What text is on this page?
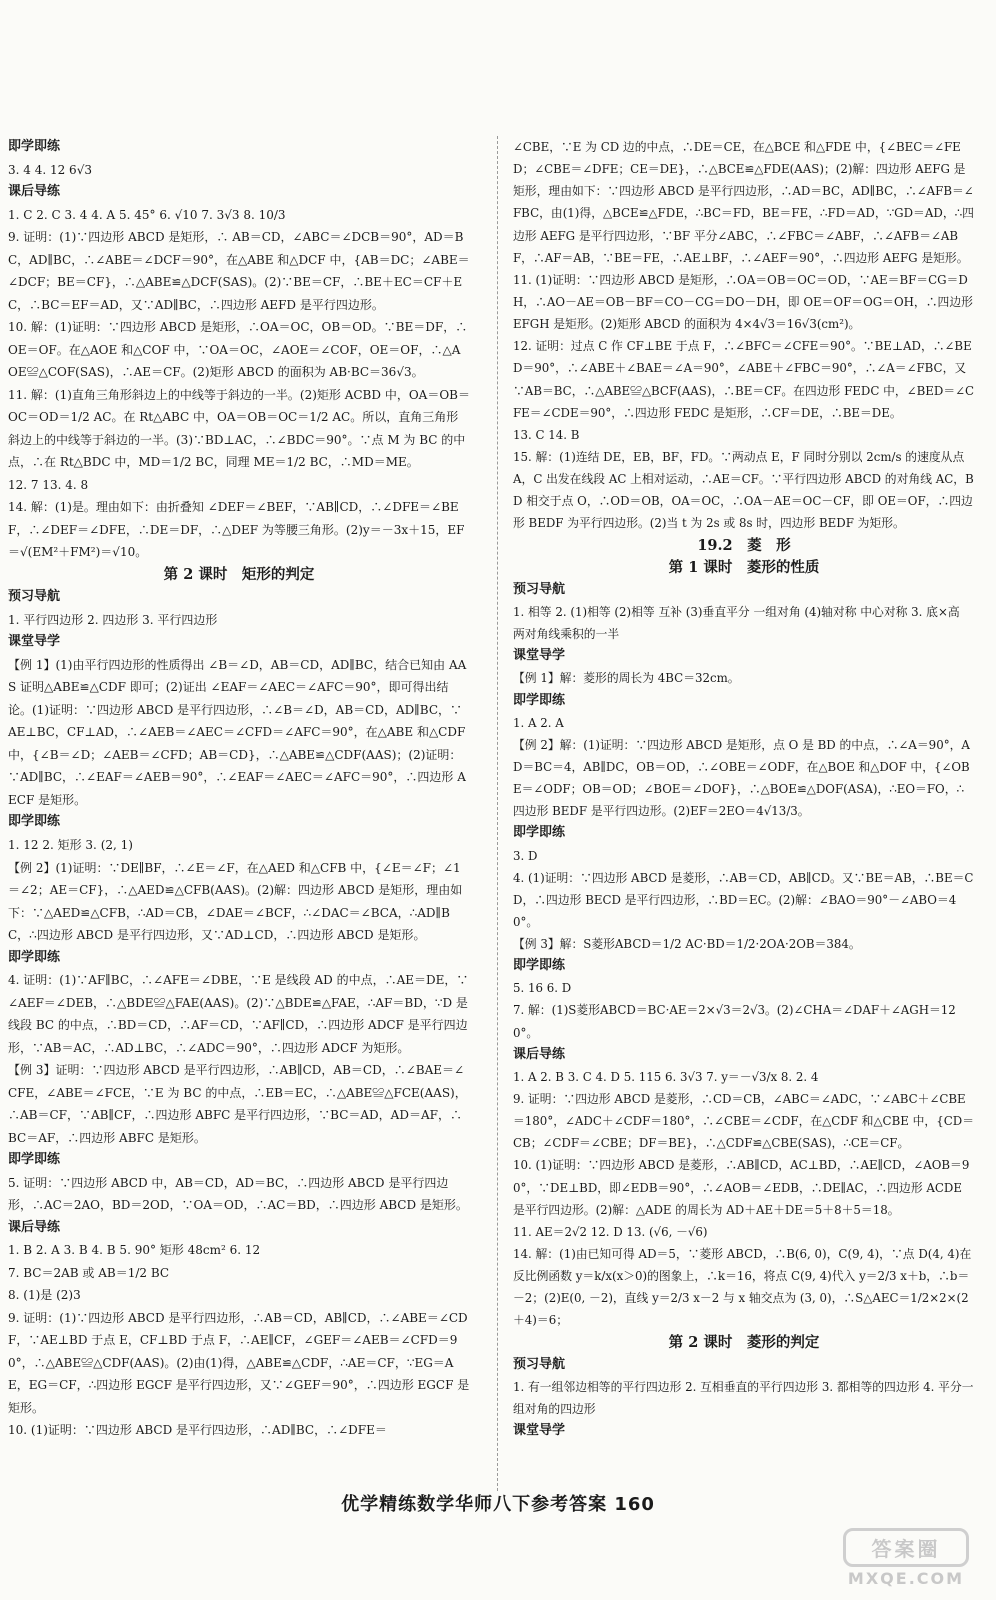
即学即练
3. 4 4. 12 6√3
课后导练
1. C 2. C 3. 4 4. A 5. 45° 6. √10 7. 3√3 8. 10/3
9. 证明：(1)∵四边形 ABCD 是矩形，∴ AB＝CD，∠ABC＝∠DCB＝90°，AD＝BC，AD∥BC，∴∠ABE＝∠DCF＝90°，在△ABE 和△DCF 中，{AB＝DC；∠ABE＝∠DCF；BE＝CF}，∴△ABE≌△DCF(SAS)。(2)∵BE＝CF，∴BE＋EC＝CF＋EC，∴BC＝EF＝AD，又∵AD∥BC，∴四边形 AEFD 是平行四边形。
10. 解：(1)证明：∵四边形 ABCD 是矩形，∴OA＝OC，OB＝OD。∵BE＝DF，∴OE＝OF。在△AOE 和△COF 中，∵OA＝OC，∠AOE＝∠COF，OE＝OF，∴△AOE≌△COF(SAS)，∴AE＝CF。(2)矩形 ABCD 的面积为 AB·BC＝36√3。
11. 解：(1)直角三角形斜边上的中线等于斜边的一半。(2)矩形 ACBD 中，OA＝OB＝OC＝OD＝1/2 AC。在 Rt△ABC 中，OA＝OB＝OC＝1/2 AC。所以，直角三角形斜边上的中线等于斜边的一半。(3)∵BD⊥AC，∴∠BDC＝90°。∵点 M 为 BC 的中点，∴在 Rt△BDC 中，MD＝1/2 BC，同理 ME＝1/2 BC，∴MD＝ME。
12. 7 13. 4. 8
14. 解：(1)是。理由如下：由折叠知 ∠DEF＝∠BEF，∵AB∥CD，∴∠DFE＝∠BEF，∴∠DEF＝∠DFE，∴DE＝DF，∴△DEF 为等腰三角形。(2)y＝－3x＋15，EF＝√(EM²＋FM²)＝√10。
第 2 课时　矩形的判定
预习导航
1. 平行四边形 2. 四边形 3. 平行四边形
课堂导学
【例 1】(1)由平行四边形的性质得出 ∠B＝∠D，AB＝CD，AD∥BC，结合已知由 AAS 证明△ABE≌△CDF 即可；(2)证出 ∠EAF＝∠AEC＝∠AFC＝90°，即可得出结论。(1)证明：∵四边形 ABCD 是平行四边形，∴∠B＝∠D，AB＝CD，AD∥BC，∵AE⊥BC，CF⊥AD，∴∠AEB＝∠AEC＝∠CFD＝∠AFC＝90°，在△ABE 和△CDF 中，{∠B＝∠D；∠AEB＝∠CFD；AB＝CD}，∴△ABE≌△CDF(AAS)；(2)证明：∵AD∥BC，∴∠EAF＝∠AEB＝90°，∴∠EAF＝∠AEC＝∠AFC＝90°，∴四边形 AECF 是矩形。
即学即练
1. 12 2. 矩形 3. (2, 1)
【例 2】(1)证明：∵DE∥BF，∴∠E＝∠F，在△AED 和△CFB 中，{∠E＝∠F；∠1＝∠2；AE＝CF}，∴△AED≌△CFB(AAS)。(2)解：四边形 ABCD 是矩形，理由如下：∵△AED≌△CFB，∴AD＝CB，∠DAE＝∠BCF，∴∠DAC＝∠BCA，∴AD∥BC，∴四边形 ABCD 是平行四边形，又∵AD⊥CD，∴四边形 ABCD 是矩形。
即学即练
4. 证明：(1)∵AF∥BC，∴∠AFE＝∠DBE，∵E 是线段 AD 的中点，∴AE＝DE，∵∠AEF＝∠DEB，∴△BDE≌△FAE(AAS)。(2)∵△BDE≌△FAE，∴AF＝BD，∵D 是线段 BC 的中点，∴BD＝CD，∴AF＝CD，∵AF∥CD，∴四边形 ADCF 是平行四边形，∵AB＝AC，∴AD⊥BC，∴∠ADC＝90°，∴四边形 ADCF 为矩形。
【例 3】证明：∵四边形 ABCD 是平行四边形，∴AB∥CD，AB＝CD，∴∠BAE＝∠CFE，∠ABE＝∠FCE，∵E 为 BC 的中点，∴EB＝EC，∴△ABE≌△FCE(AAS)，∴AB＝CF，∵AB∥CF，∴四边形 ABFC 是平行四边形，∵BC＝AD，AD＝AF，∴BC＝AF，∴四边形 ABFC 是矩形。
即学即练
5. 证明：∵四边形 ABCD 中，AB＝CD，AD＝BC，∴四边形 ABCD 是平行四边形，∴AC＝2AO，BD＝2OD，∵OA＝OD，∴AC＝BD，∴四边形 ABCD 是矩形。
课后导练
1. B 2. A 3. B 4. B 5. 90° 矩形 48cm² 6. 12
7. BC＝2AB 或 AB＝1/2 BC
8. (1)是 (2)3
9. 证明：(1)∵四边形 ABCD 是平行四边形，∴AB＝CD，AB∥CD，∴∠ABE＝∠CDF，∵AE⊥BD 于点 E，CF⊥BD 于点 F，∴AE∥CF，∠GEF＝∠AEB＝∠CFD＝90°，∴△ABE≌△CDF(AAS)。(2)由(1)得，△ABE≌△CDF，∴AE＝CF，∵EG＝AE，EG＝CF，∴四边形 EGCF 是平行四边形，又∵∠GEF＝90°，∴四边形 EGCF 是矩形。
10. (1)证明：∵四边形 ABCD 是平行四边形，∴AD∥BC，∴∠DFE＝
∠CBE，∵E 为 CD 边的中点，∴DE＝CE，在△BCE 和△FDE 中，{∠BEC＝∠FED；∠CBE＝∠DFE；CE＝DE}，∴△BCE≌△FDE(AAS)；(2)解：四边形 AEFG 是矩形，理由如下：∵四边形 ABCD 是平行四边形，∴AD＝BC，AD∥BC，∴∠AFB＝∠FBC，由(1)得，△BCE≌△FDE，∴BC＝FD，BE＝FE，∴FD＝AD，∵GD＝AD，∴四边形 AEFG 是平行四边形，∵BF 平分∠ABC，∴∠FBC＝∠ABF，∴∠AFB＝∠ABF，∴AF＝AB，∵BE＝FE，∴AE⊥BF，∴∠AEF＝90°，∴四边形 AEFG 是矩形。
11. (1)证明：∵四边形 ABCD 是矩形，∴OA＝OB＝OC＝OD，∵AE＝BF＝CG＝DH，∴AO－AE＝OB－BF＝CO－CG＝DO－DH，即 OE＝OF＝OG＝OH，∴四边形 EFGH 是矩形。(2)矩形 ABCD 的面积为 4×4√3＝16√3(cm²)。
12. 证明：过点 C 作 CF⊥BE 于点 F，∴∠BFC＝∠CFE＝90°。∵BE⊥AD，∴∠BED＝90°，∴∠ABE＋∠BAE＝∠A＝90°，∠ABE＋∠FBC＝90°，∴∠A＝∠FBC，又∵AB＝BC，∴△ABE≌△BCF(AAS)，∴BE＝CF。在四边形 FEDC 中，∠BED＝∠CFE＝∠CDE＝90°，∴四边形 FEDC 是矩形，∴CF＝DE，∴BE＝DE。
13. C 14. B
15. 解：(1)连结 DE，EB，BF，FD。∵两动点 E，F 同时分别以 2cm/s 的速度从点 A，C 出发在线段 AC 上相对运动，∴AE＝CF。∵平行四边形 ABCD 的对角线 AC，BD 相交于点 O，∴OD＝OB，OA＝OC，∴OA－AE＝OC－CF，即 OE＝OF，∴四边形 BEDF 为平行四边形。(2)当 t 为 2s 或 8s 时，四边形 BEDF 为矩形。
19.2　菱　形
第 1 课时　菱形的性质
预习导航
1. 相等 2. (1)相等 (2)相等 互补 (3)垂直平分 一组对角 (4)轴对称 中心对称 3. 底×高 两对角线乘积的一半
课堂导学
【例 1】解：菱形的周长为 4BC＝32cm。
即学即练
1. A 2. A
【例 2】解：(1)证明：∵四边形 ABCD 是矩形，点 O 是 BD 的中点，∴∠A＝90°，AD＝BC＝4，AB∥DC，OB＝OD，∴∠OBE＝∠ODF，在△BOE 和△DOF 中，{∠OBE＝∠ODF；OB＝OD；∠BOE＝∠DOF}，∴△BOE≌△DOF(ASA)，∴EO＝FO，∴四边形 BEDF 是平行四边形。(2)EF＝2EO＝4√13/3。
即学即练
3. D
4. (1)证明：∵四边形 ABCD 是菱形，∴AB＝CD，AB∥CD。又∵BE＝AB，∴BE＝CD，∴四边形 BECD 是平行四边形，∴BD＝EC。(2)解：∠BAO＝90°－∠ABO＝40°。
【例 3】解：S菱形ABCD＝1/2 AC·BD＝1/2·2OA·2OB＝384。
即学即练
5. 16 6. D
7. 解：(1)S菱形ABCD＝BC·AE＝2×√3＝2√3。(2)∠CHA＝∠DAF＋∠AGH＝120°。
课后导练
1. A 2. B 3. C 4. D 5. 115 6. 3√3 7. y＝－√3/x 8. 2. 4
9. 证明：∵四边形 ABCD 是菱形，∴CD＝CB，∠ABC＝∠ADC，∵∠ABC＋∠CBE＝180°，∠ADC＋∠CDF＝180°，∴∠CBE＝∠CDF，在△CDF 和△CBE 中，{CD＝CB；∠CDF＝∠CBE；DF＝BE}，∴△CDF≌△CBE(SAS)，∴CE＝CF。
10. (1)证明：∵四边形 ABCD 是菱形，∴AB∥CD，AC⊥BD，∴AE∥CD，∠AOB＝90°，∵DE⊥BD，即∠EDB＝90°，∴∠AOB＝∠EDB，∴DE∥AC，∴四边形 ACDE 是平行四边形。(2)解：△ADE 的周长为 AD＋AE＋DE＝5＋8＋5＝18。
11. AE＝2√2 12. D 13. (√6, －√6)
14. 解：(1)由已知可得 AD＝5，∵菱形 ABCD，∴B(6, 0)，C(9, 4)，∵点 D(4, 4)在反比例函数 y＝k/x(x＞0)的图象上，∴k＝16，将点 C(9, 4)代入 y＝2/3 x＋b，∴b＝－2；(2)E(0, －2)，直线 y＝2/3 x－2 与 x 轴交点为 (3, 0)，∴S△AEC＝1/2×2×(2＋4)＝6；
第 2 课时　菱形的判定
预习导航
1. 有一组邻边相等的平行四边形 2. 互相垂直的平行四边形 3. 都相等的四边形 4. 平分一组对角的四边形
课堂导学
优学精练数学华师八下参考答案 160
答案圈
MXQE.COM
